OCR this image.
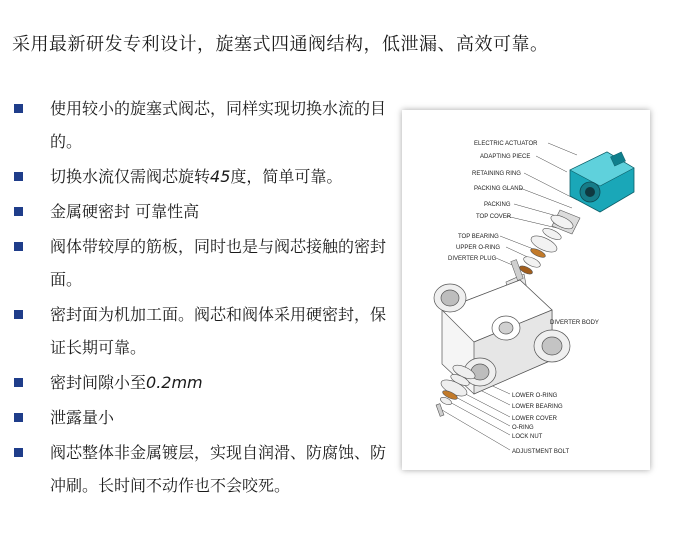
采用最新研发专利设计，旋塞式四通阀结构，低泄漏、高效可靠。
使用较小的旋塞式阀芯，同样实现切换水流的目的。
切换水流仅需阀芯旋转45度，简单可靠。
金属硬密封 可靠性高
阀体带较厚的筋板，同时也是与阀芯接触的密封面。
密封面为机加工面。阀芯和阀体采用硬密封，保证长期可靠。
密封间隙小至0.2mm
泄露量小
阀芯整体非金属镀层，实现自润滑、防腐蚀、防冲刷。长时间不动作也不会咬死。
ELECTRIC ACTUATOR
ADAPTING PIECE
RETAINING RING
PACKING GLAND
PACKING
TOP COVER
TOP BEARING
UPPER O-RING
DIVERTER PLUG
DIVERTER BODY
LOWER O-RING
LOWER BEARING
LOWER COVER
O-RING
LOCK NUT
ADJUSTMENT BOLT
